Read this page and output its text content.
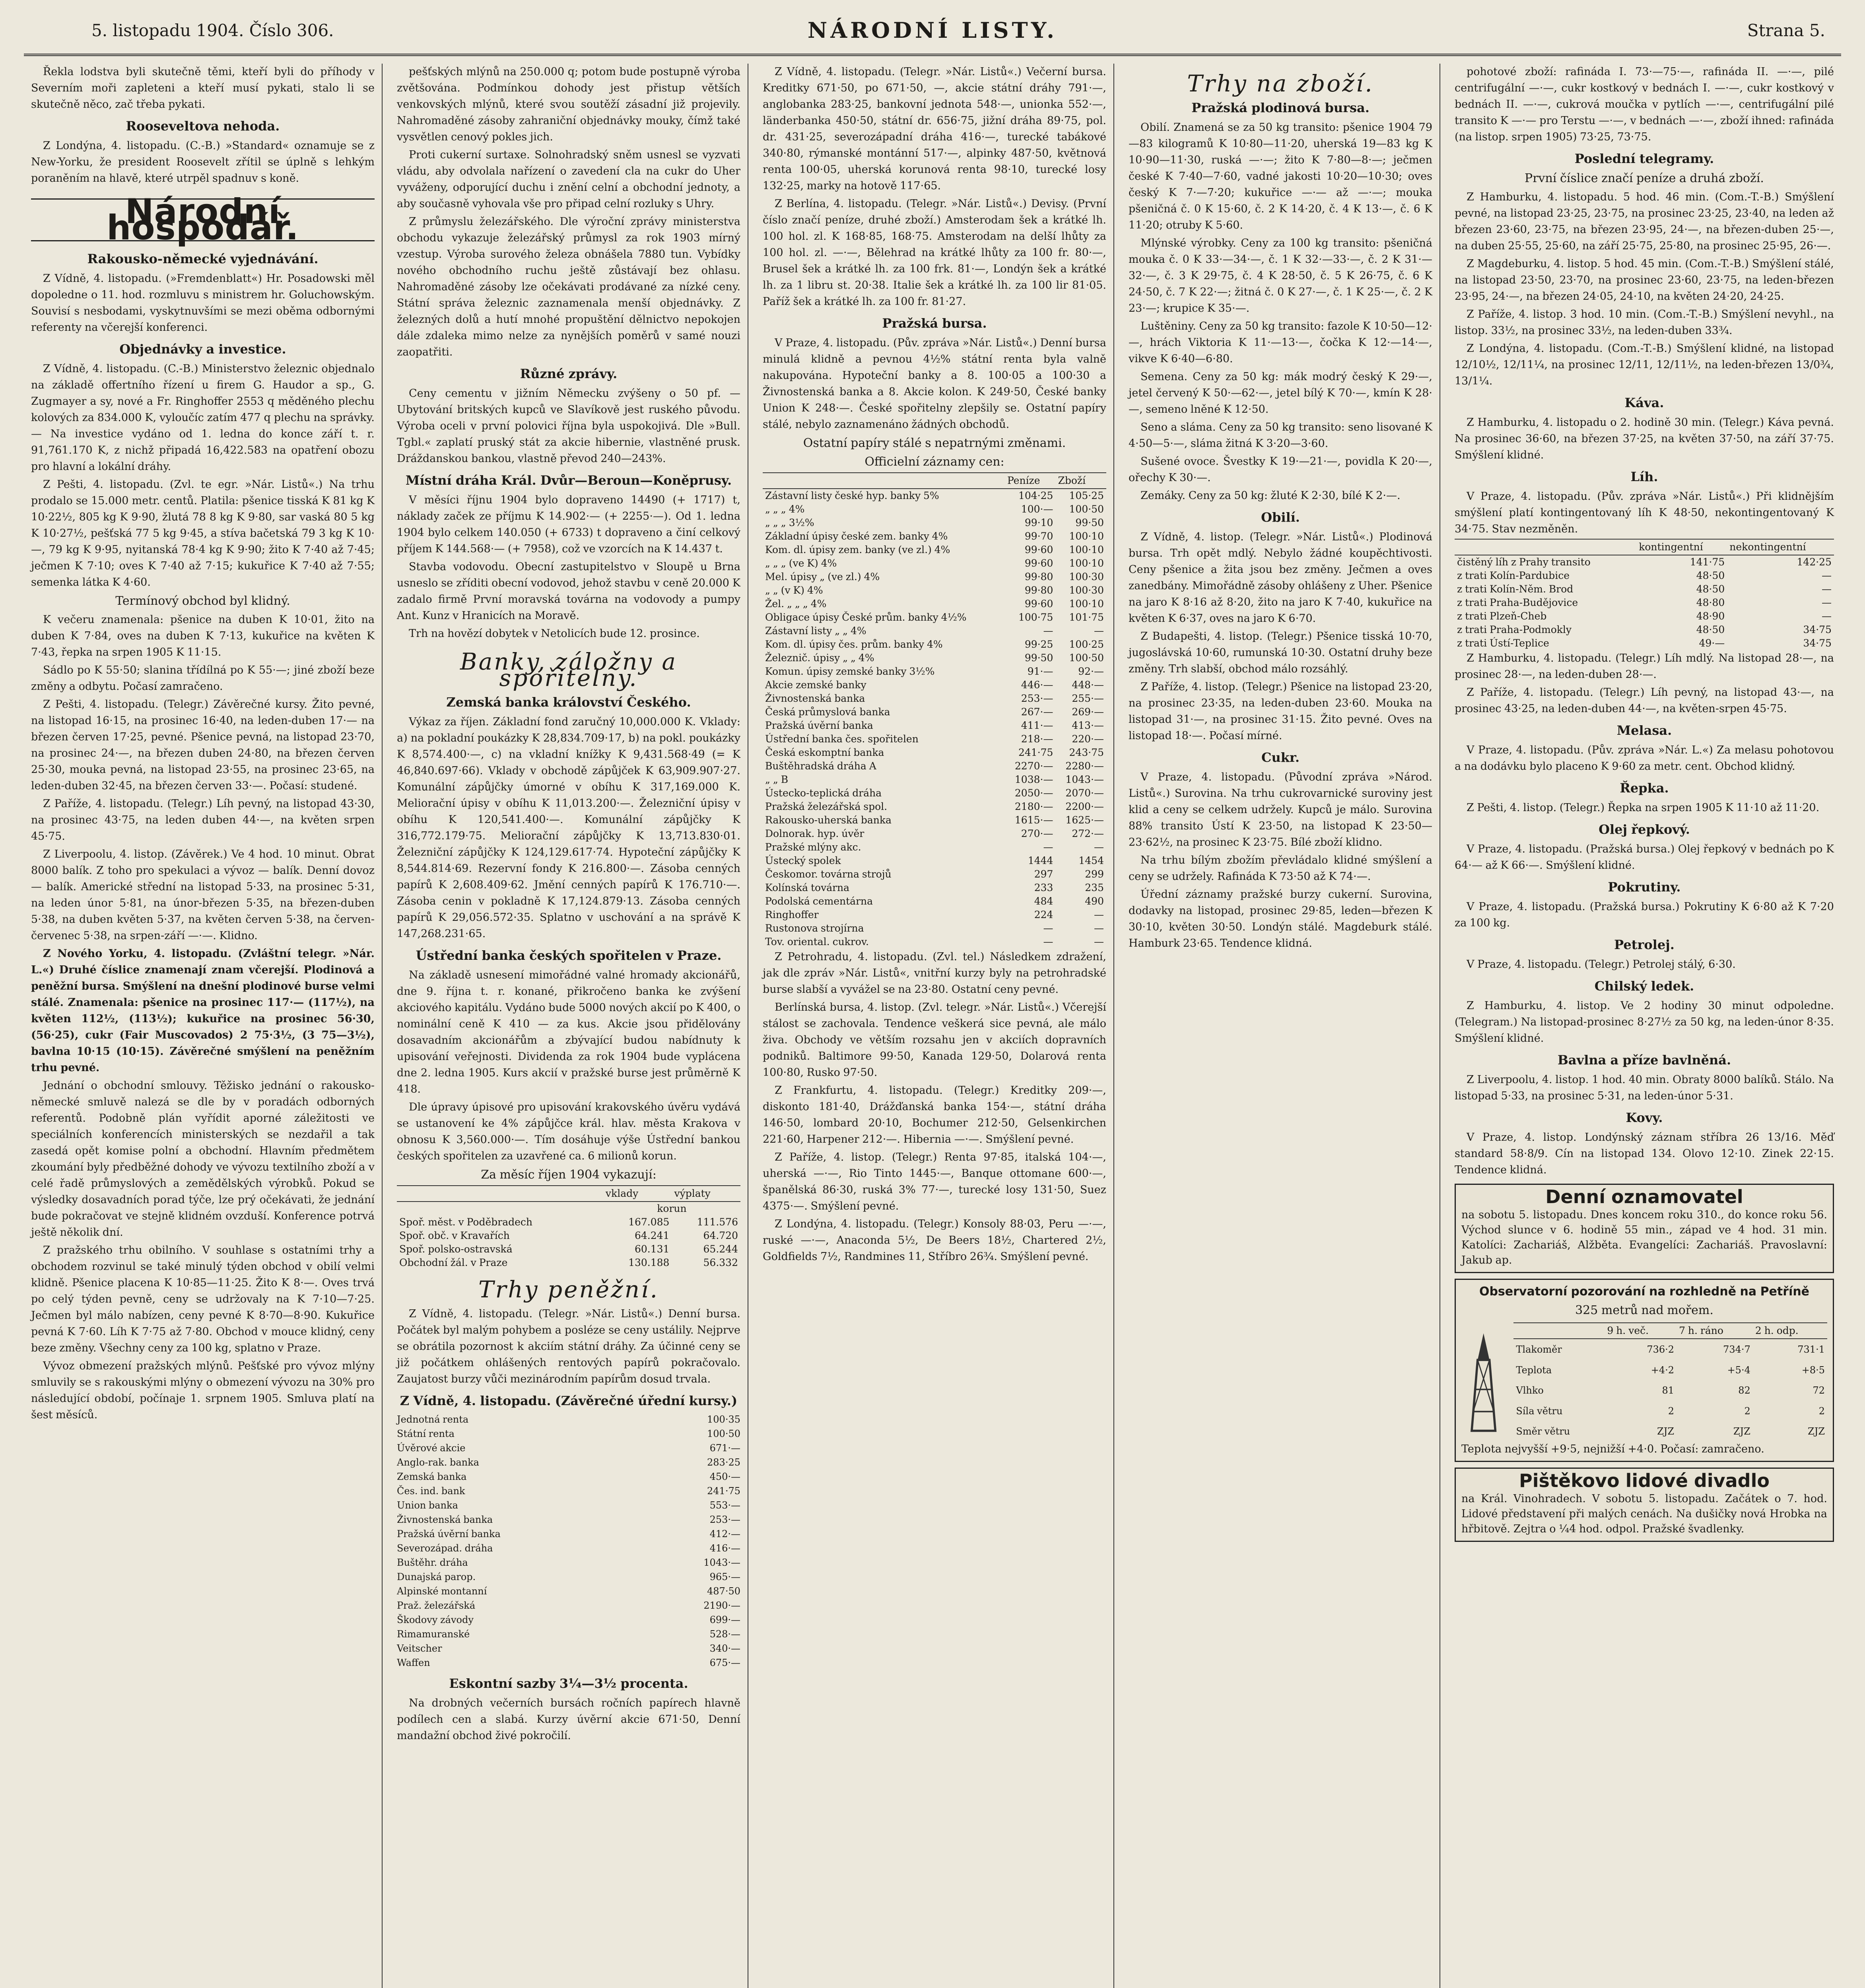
5. listopadu 1904. Číslo 306.	NÁRODNÍ LISTY.	Strana 5.

Řekla lodstva byli skutečně těmi, kteří byli do příhody v Severním moři zapleteni a kteří musí pykati, stalo li se skutečně něco, zač třeba pykati.

Rooseveltova nehoda.

Z Londýna, 4. listopadu. (C.-B.) »Standard« oznamuje se z New-Yorku, že president Roosevelt zřítil se úplně s lehkým poraněním na hlavě, které utrpěl spadnuv s koně.

Národní hospodář.
Rakousko-německé vyjednávání.

Z Vídně, 4. listopadu. (»Fremdenblatt«) Hr. Posadowski měl dopoledne o 11. hod. rozmluvu s ministrem hr. Goluchowským. Souvisí s nesbodami, vyskytnuvšími se mezi oběma odbornými referenty na včerejší konferenci.

Objednávky a investice.

Z Vídně, 4. listopadu. (C.-B.) Ministerstvo železnic objednalo na základě offertního řízení u firem G. Haudor a sp., G. Zugmayer a sy, nové a Fr. Ringhoffer 2553 q měděného plechu kolových za 834.000 K, vyloučíc zatím 477 q plechu na správky. — Na investice vydáno od 1. ledna do konce září t. r. 91,761.170 K, z nichž připadá 16,422.583 na opatření obozu pro hlavní a lokální dráhy.

Z Pešti, 4. listopadu. (Zvl. te egr. »Nár. Listů«.) Na trhu prodalo se 15.000 metr. centů. Platila: pšenice tisská K 81 kg K 10·22½, 805 kg K 9·90, žlutá 78 8 kg K 9·80, sar vaská 80 5 kg K 10·27½, pešťská 77 5 kg 9·45, a stíva bačetská 79 3 kg K 10·—, 79 kg K 9·95, nyitanská 78·4 kg K 9·90; žito K 7·40 až 7·45; ječmen K 7·10; oves K 7·40 až 7·15; kukuřice K 7·40 až 7·55; semenka látka K 4·60.

Termínový obchod byl klidný.

K večeru znamenala: pšenice na duben K 10·01, žito na duben K 7·84, oves na duben K 7·13, kukuřice na květen K 7·43, řepka na srpen 1905 K 11·15.

Sádlo po K 55·50; slanina třídílná po K 55·—; jiné zboží beze změny a odbytu. Počasí zamračeno.

Z Pešti, 4. listopadu. (Telegr.) Závěrečné kursy. Žito pevné, na listopad 16·15, na prosinec 16·40, na leden-duben 17·— na březen červen 17·25, pevné. Pšenice pevná, na listopad 23·70, na prosinec 24·—, na březen duben 24·80, na březen červen 25·30, mouka pevná, na listopad 23·55, na prosinec 23·65, na leden-duben 32·45, na březen červen 33·—. Počasí: studené.

Z Paříže, 4. listopadu. (Telegr.) Líh pevný, na listopad 43·30, na prosinec 43·75, na leden duben 44·—, na květen srpen 45·75.

Z Liverpoolu, 4. listop. (Závěrek.) Ve 4 hod. 10 minut. Obrat 8000 balík. Z toho pro spekulaci a vývoz — balík. Denní dovoz — balík. Americké střední na listopad 5·33, na prosinec 5·31, na leden únor 5·81, na únor-březen 5·35, na březen-duben 5·38, na duben květen 5·37, na květen červen 5·38, na červen-červenec 5·38, na srpen-září —·—. Klidno.

Z Nového Yorku, 4. listopadu. (Zvláštní telegr. »Nár. L.«) Druhé číslice znamenají znam včerejší. Plodinová a peněžní bursa. Smýšlení na dnešní plodinové burse velmi stálé. Znamenala: pšenice na prosinec 117·— (117½), na květen 112½, (113½); kukuřice na prosinec 56·30, (56·25), cukr (Fair Muscovados) 2 75·3½, (3 75—3½), bavlna 10·15 (10·15). Závěrečné smýšlení na peněžním trhu pevné.

Jednání o obchodní smlouvy. Těžisko jednání o rakousko-německé smluvě nalezá se dle by v poradách odborných referentů. Podobně plán vyřídit aporné záležitosti ve speciálních konferencích ministerských se nezdařil a tak zasedá opět komise polní a obchodní. Hlavním předmětem zkoumání byly předběžné dohody ve vývozu textilního zboží a v celé řadě průmyslových a zemědělských výrobků. Pokud se výsledky dosavadních porad týče, lze prý očekávati, že jednání bude pokračovat ve stejně klidném ovzduší. Konference potrvá ještě několik dní.

Z pražského trhu obilního. V souhlase s ostatními trhy a obchodem rozvinul se také minulý týden obchod v obilí velmi klidně. Pšenice placena K 10·85—11·25. Žito K 8·—. Oves trvá po celý týden pevně, ceny se udržovaly na K 7·10—7·25. Ječmen byl málo nabízen, ceny pevné K 8·70—8·90. Kukuřice pevná K 7·60. Líh K 7·75 až 7·80. Obchod v mouce klidný, ceny beze změny. Všechny ceny za 100 kg, splatno v Praze.

Vývoz obmezení pražských mlýnů. Pešťské pro vývoz mlýny smluvily se s rakouskými mlýny o obmezení vývozu na 30% pro následující období, počínaje 1. srpnem 1905. Smluva platí na šest měsíců.

pešťských mlýnů na 250.000 q; potom bude postupně výroba zvětšována. Podmínkou dohody jest přistup větších venkovských mlýnů, které svou soutěží zásadní již projevily. Nahromaděné zásoby zahraniční objednávky mouky, čímž také vysvětlen cenový pokles jich.

Proti cukerní surtaxe. Solnohradský sněm usnesl se vyzvati vládu, aby odvolala nařízení o zavedení cla na cukr do Uher vyváženy, odporující duchu i znění celní a obchodní jednoty, a aby současně vyhovala vše pro připad celní rozluky s Uhry.

Z průmyslu železářského. Dle výroční zprávy ministerstva obchodu vykazuje železářský průmysl za rok 1903 mírný vzestup. Výroba surového železa obnášela 7880 tun. Vybídky nového obchodního ruchu ještě zůstávají bez ohlasu. Nahromaděné zásoby lze očekávati prodávané za nízké ceny. Státní správa železnic zaznamenala menší objednávky. Z železných dolů a hutí mnohé propuštění dělnictvo nepokojen dále zdaleka mimo nelze za nynějších poměrů v samé nouzi zaopatřiti.

Různé zprávy.

Ceny cementu v jižním Německu zvýšeny o 50 pf. — Ubytování britských kupců ve Slavíkově jest ruského původu. Výroba oceli v první polovici října byla uspokojivá. Dle »Bull. Tgbl.« zaplatí pruský stát za akcie hibernie, vlastněné prusk. Dráždanskou bankou, vlastně převod 240—243%.

Místní dráha Král. Dvůr—Beroun—Koněprusy.

V měsíci říjnu 1904 bylo dopraveno 14490 (+ 1717) t, náklady začek ze příjmu K 14.902·— (+ 2255·—). Od 1. ledna 1904 bylo celkem 140.050 (+ 6733) t dopraveno a činí celkový příjem K 144.568·— (+ 7958), což ve vzorcích na K 14.437 t.

Stavba vodovodu. Obecní zastupitelstvo v Sloupě u Brna usneslo se zříditi obecní vodovod, jehož stavbu v ceně 20.000 K zadalo firmě První moravská továrna na vodovody a pumpy Ant. Kunz v Hranicích na Moravě.

Trh na hovězí dobytek v Netolicích bude 12. prosince.

Banky, záložny a spořitelny.
Zemská banka království Českého.

Výkaz za říjen. Základní fond zaručný 10,000.000 K. Vklady: a) na pokladní poukázky K 28,834.709·17, b) na pokl. poukázky K 8,574.400·—, c) na vkladní knížky K 9,431.568·49 (= K 46,840.697·66). Vklady v obchodě zápůjček K 63,909.907·27. Komunální zápůjčky úmorné v obíhu K 317,169.000 K. Meliorační úpisy v obíhu K 11,013.200·—. Železniční úpisy v obíhu K 120,541.400·—. Komunální zápůjčky K 316,772.179·75. Meliorační zápůjčky K 13,713.830·01. Železniční zápůjčky K 124,129.617·74. Hypoteční zápůjčky K 8,544.814·69. Rezervní fondy K 216.800·—. Zásoba cenných papírů K 2,608.409·62. Jmění cenných papírů K 176.710·—. Zásoba cenin v pokladně K 17,124.879·13. Zásoba cenných papírů K 29,056.572·35. Splatno v uschování a na správě K 147,268.231·65.

Ústřední banka českých spořitelen v Praze.

Na základě usnesení mimořádné valné hromady akcionářů, dne 9. října t. r. konané, přikročeno banka ke zvýšení akciového kapitálu. Vydáno bude 5000 nových akcií po K 400, o nominální ceně K 410 — za kus. Akcie jsou přidělovány dosavadním akcionářům a zbývající budou nabídnuty k upisování veřejnosti. Dividenda za rok 1904 bude vyplácena dne 2. ledna 1905. Kurs akcií v pražské burse jest průměrně K 418.

Dle úpravy úpisové pro upisování krakovského úvěru vydává se ustanovení ke 4% zápůjčce král. hlav. města Krakova v obnosu K 3,560.000·—. Tím dosáhuje výše Ústřední bankou českých spořitelen za uzavřené ca. 6 milionů korun.

Za měsíc říjen 1904 vykazují:
	vklady	výplaty
	korun	
Spoř. měst. v Poděbradech	167.085	111.576
Spoř. obč. v Kravařích	64.241	64.720
Spoř. polsko-ostravská	60.131	65.244
Obchodní žál. v Praze	130.188	56.332
Trhy peněžní.

Z Vídně, 4. listopadu. (Telegr. »Nár. Listů«.) Denní bursa. Počátek byl malým pohybem a posléze se ceny ustálily. Nejprve se obrátila pozornost k akciím státní dráhy. Za účinné ceny se již počátkem ohlášených rentových papírů pokračovalo. Zaujatost burzy vůči mezinárodním papírům dosud trvala.

Z Vídně, 4. listopadu. (Závěrečné úřední kursy.)
Jednotná renta	100·35
Státní renta	100·50
Úvěrové akcie	671·—
Anglo-rak. banka	283·25
Zemská banka	450·—
Čes. ind. bank	241·75
Union banka	553·—
Živnostenská banka	253·—
Pražská úvěrní banka	412·—
Severozápad. dráha	416·—
Buštěhr. dráha	1043·—
Dunajská parop.	965·—
Alpinské montanní	487·50
Praž. železářská	2190·—
Škodovy závody	699·—
Rimamuranské	528·—
Veitscher	340·—
Waffen	675·—
Eskontní sazby 3¼—3½ procenta.

Na drobných večerních bursách ročních papírech hlavně podílech cen a slabá. Kurzy úvěrní akcie 671·50, Denní mandažní obchod živé pokročilí.

Z Vídně, 4. listopadu. (Telegr. »Nár. Listů«.) Večerní bursa. Kreditky 671·50, po 671·50, —, akcie státní dráhy 791·—, anglobanka 283·25, bankovní jednota 548·—, unionka 552·—, länderbanka 450·50, státní dr. 656·75, jižní dráha 89·75, pol. dr. 431·25, severozápadní dráha 416·—, turecké tabákové 340·80, rýmanské montánní 517·—, alpinky 487·50, květnová renta 100·05, uherská korunová renta 98·10, turecké losy 132·25, marky na hotově 117·65.

Z Berlína, 4. listopadu. (Telegr. »Nár. Listů«.) Devisy. (První číslo značí peníze, druhé zboží.) Amsterodam šek a krátké lh. 100 hol. zl. K 168·85, 168·75. Amsterodam na delší lhůty za 100 hol. zl. —·—, Bělehrad na krátké lhůty za 100 fr. 80·—, Brusel šek a krátké lh. za 100 frk. 81·—, Londýn šek a krátké lh. za 1 libru st. 20·38. Italie šek a krátké lh. za 100 lir 81·05. Paříž šek a krátké lh. za 100 fr. 81·27.

Pražská bursa.

V Praze, 4. listopadu. (Pův. zpráva »Nár. Listů«.) Denní bursa minulá klidně a pevnou 4½% státní renta byla valně nakupována. Hypoteční banky a 8. 100·05 a 100·30 a Živnostenská banka a 8. Akcie kolon. K 249·50, České banky Union K 248·—. České spořitelny zlepšily se. Ostatní papíry stálé, nebylo zaznamenáno žádných obchodů.

Ostatní papíry stálé s nepatrnými změnami.
Officielní záznamy cen:
	Peníze	Zboží
Zástavní listy české hyp. banky 5%	104·25	105·25
„ „ „ 4%	100·—	100·50
„ „ „ 3½%	99·10	99·50
Základní úpisy české zem. banky 4%	99·70	100·10
Kom. dl. úpisy zem. banky (ve zl.) 4%	99·60	100·10
„ „ „ (ve K) 4%	99·60	100·10
Mel. úpisy „ (ve zl.) 4%	99·80	100·30
„ „ (v K) 4%	99·80	100·30
Žel. „ „ „ 4%	99·60	100·10
Obligace úpisy České prům. banky 4½%	100·75	101·75
Zástavní listy „ „ 4%	—	—
Kom. dl. úpisy čes. prům. banky 4%	99·25	100·25
Železnič. úpisy „ „ 4%	99·50	100·50
Komun. úpisy zemské banky 3½%	91·—	92·—
Akcie zemské banky	446·—	448·—
Živnostenská banka	253·—	255·—
Česká průmyslová banka	267·—	269·—
Pražská úvěrní banka	411·—	413·—
Ústřední banka čes. spořitelen	218·—	220·—
Česká eskomptní banka	241·75	243·75
Buštěhradská dráha A	2270·—	2280·—
„ „ B	1038·—	1043·—
Ústecko-teplická dráha	2050·—	2070·—
Pražská železářská spol.	2180·—	2200·—
Rakousko-uherská banka	1615·—	1625·—
Dolnorak. hyp. úvěr	270·—	272·—
Pražské mlýny akc.	—	—
Ústecký spolek	1444	1454
Českomor. továrna strojů	297	299
Kolínská továrna	233	235
Podolská cementárna	484	490
Ringhoffer	224	—
Rustonova strojírna	—	—
Tov. oriental. cukrov.	—	—

Z Petrohradu, 4. listopadu. (Zvl. tel.) Následkem zdražení, jak dle zpráv »Nár. Listů«, vnitřní kurzy byly na petrohradské burse slabší a vyvážel se na 23·80. Ostatní ceny pevné.

Berlínská bursa, 4. listop. (Zvl. telegr. »Nár. Listů«.) Včerejší stálost se zachovala. Tendence veškerá sice pevná, ale málo živa. Obchody ve větším rozsahu jen v akciích dopravních podniků. Baltimore 99·50, Kanada 129·50, Dolarová renta 100·80, Rusko 97·50.

Z Frankfurtu, 4. listopadu. (Telegr.) Kreditky 209·—, diskonto 181·40, Drážďanská banka 154·—, státní dráha 146·50, lombard 20·10, Bochumer 212·50, Gelsenkirchen 221·60, Harpener 212·—. Hibernia —·—. Smýšlení pevné.

Z Paříže, 4. listop. (Telegr.) Renta 97·85, italská 104·—, uherská —·—, Rio Tinto 1445·—, Banque ottomane 600·—, španělská 86·30, ruská 3% 77·—, turecké losy 131·50, Suez 4375·—. Smýšlení pevné.

Z Londýna, 4. listopadu. (Telegr.) Konsoly 88·03, Peru —·—, ruské —·—, Anaconda 5½, De Beers 18½, Chartered 2½, Goldfields 7½, Randmines 11, Stříbro 26¾. Smýšlení pevné.

Trhy na zboží.
Pražská plodinová bursa.

Obilí. Znamená se za 50 kg transito: pšenice 1904 79—83 kilogramů K 10·80—11·20, uherská 19—83 kg K 10·90—11·30, ruská —·—; žito K 7·80—8·—; ječmen české K 7·40—7·60, vadné jakosti 10·20—10·30; oves český K 7·—7·20; kukuřice —·— až —·—; mouka pšeničná č. 0 K 15·60, č. 2 K 14·20, č. 4 K 13·—, č. 6 K 11·20; otruby K 5·60.

Mlýnské výrobky. Ceny za 100 kg transito: pšeničná mouka č. 0 K 33·—34·—, č. 1 K 32·—33·—, č. 2 K 31·—32·—, č. 3 K 29·75, č. 4 K 28·50, č. 5 K 26·75, č. 6 K 24·50, č. 7 K 22·—; žitná č. 0 K 27·—, č. 1 K 25·—, č. 2 K 23·—; krupice K 35·—.

Luštěniny. Ceny za 50 kg transito: fazole K 10·50—12·—, hrách Viktoria K 11·—13·—, čočka K 12·—14·—, vikve K 6·40—6·80.

Semena. Ceny za 50 kg: mák modrý český K 29·—, jetel červený K 50·—62·—, jetel bílý K 70·—, kmín K 28·—, semeno lněné K 12·50.

Seno a sláma. Ceny za 50 kg transito: seno lisované K 4·50—5·—, sláma žitná K 3·20—3·60.

Sušené ovoce. Švestky K 19·—21·—, povidla K 20·—, ořechy K 30·—.

Zemáky. Ceny za 50 kg: žluté K 2·30, bílé K 2·—.

Obilí.

Z Vídně, 4. listop. (Telegr. »Nár. Listů«.) Plodinová bursa. Trh opět mdlý. Nebylo žádné koupěchtivosti. Ceny pšenice a žita jsou bez změny. Ječmen a oves zanedbány. Mimořádně zásoby ohlášeny z Uher. Pšenice na jaro K 8·16 až 8·20, žito na jaro K 7·40, kukuřice na květen K 6·37, oves na jaro K 6·70.

Z Budapešti, 4. listop. (Telegr.) Pšenice tisská 10·70, jugoslávská 10·60, rumunská 10·30. Ostatní druhy beze změny. Trh slabší, obchod málo rozsáhlý.

Z Paříže, 4. listop. (Telegr.) Pšenice na listopad 23·20, na prosinec 23·35, na leden-duben 23·60. Mouka na listopad 31·—, na prosinec 31·15. Žito pevné. Oves na listopad 18·—. Počasí mírné.

Cukr.

V Praze, 4. listopadu. (Původní zpráva »Národ. Listů«.) Surovina. Na trhu cukrovarnické suroviny jest klid a ceny se celkem udržely. Kupců je málo. Surovina 88% transito Ústí K 23·50, na listopad K 23·50—23·62½, na prosinec K 23·75. Bílé zboží klidno.

Na trhu bílým zbožím převládalo klidné smýšlení a ceny se udržely. Rafináda K 73·50 až K 74·—.

Úřední záznamy pražské burzy cukerní. Surovina, dodavky na listopad, prosinec 29·85, leden—březen K 30·10, květen 30·50. Londýn stálé. Magdeburk stálé. Hamburk 23·65. Tendence klidná.

pohotové zboží: rafináda I. 73·—75·—, rafináda II. —·—, pilé centrifugální —·—, cukr kostkový v bednách I. —·—, cukr kostkový v bednách II. —·—, cukrová moučka v pytlích —·—, centrifugální pilé transito K —·— pro Terstu —·—, v bednách —·—, zboží ihned: rafináda (na listop. srpen 1905) 73·25, 73·75.

Poslední telegramy.
První číslice značí peníze a druhá zboží.

Z Hamburku, 4. listopadu. 5 hod. 46 min. (Com.-T.-B.) Smýšlení pevné, na listopad 23·25, 23·75, na prosinec 23·25, 23·40, na leden až březen 23·60, 23·75, na březen 23·95, 24·—, na březen-duben 25·—, na duben 25·55, 25·60, na září 25·75, 25·80, na prosinec 25·95, 26·—.

Z Magdeburku, 4. listop. 5 hod. 45 min. (Com.-T.-B.) Smýšlení stálé, na listopad 23·50, 23·70, na prosinec 23·60, 23·75, na leden-březen 23·95, 24·—, na březen 24·05, 24·10, na květen 24·20, 24·25.

Z Paříže, 4. listop. 3 hod. 10 min. (Com.-T.-B.) Smýšlení nevyhl., na listop. 33½, na prosinec 33½, na leden-duben 33¾.

Z Londýna, 4. listopadu. (Com.-T.-B.) Smýšlení klidné, na listopad 12/10½, 12/11¼, na prosinec 12/11, 12/11½, na leden-březen 13/0¾, 13/1¼.

Káva.

Z Hamburku, 4. listopadu o 2. hodině 30 min. (Telegr.) Káva pevná. Na prosinec 36·60, na březen 37·25, na květen 37·50, na září 37·75. Smýšlení klidné.

Líh.

V Praze, 4. listopadu. (Pův. zpráva »Nár. Listů«.) Při klidnějším smýšlení platí kontingentovaný líh K 48·50, nekontingentovaný K 34·75. Stav nezměněn.

	kontingentní	nekontingentní
čistěný líh z Prahy transito	141·75	142·25
z trati Kolín-Pardubice	48·50	—
z trati Kolín-Něm. Brod	48·50	—
z trati Praha-Budějovice	48·80	—
z trati Plzeň-Cheb	48·90	—
z trati Praha-Podmokly	48·50	34·75
z trati Ústí-Teplice	49·—	34·75

Z Hamburku, 4. listopadu. (Telegr.) Líh mdlý. Na listopad 28·—, na prosinec 28·—, na leden-duben 28·—.

Z Paříže, 4. listopadu. (Telegr.) Líh pevný, na listopad 43·—, na prosinec 43·25, na leden-duben 44·—, na květen-srpen 45·75.

Melasa.

V Praze, 4. listopadu. (Pův. zpráva »Nár. L.«) Za melasu pohotovou a na dodávku bylo placeno K 9·60 za metr. cent. Obchod klidný.

Řepka.

Z Pešti, 4. listop. (Telegr.) Řepka na srpen 1905 K 11·10 až 11·20.

Olej řepkový.

V Praze, 4. listopadu. (Pražská bursa.) Olej řepkový v bednách po K 64·— až K 66·—. Smýšlení klidné.

Pokrutiny.

V Praze, 4. listopadu. (Pražská bursa.) Pokrutiny K 6·80 až K 7·20 za 100 kg.

Petrolej.

V Praze, 4. listopadu. (Telegr.) Petrolej stálý, 6·30.

Chilský ledek.

Z Hamburku, 4. listop. Ve 2 hodiny 30 minut odpoledne. (Telegram.) Na listopad-prosinec 8·27½ za 50 kg, na leden-únor 8·35. Smýšlení klidné.

Bavlna a příze bavlněná.

Z Liverpoolu, 4. listop. 1 hod. 40 min. Obraty 8000 balíků. Stálo. Na listopad 5·33, na prosinec 5·31, na leden-únor 5·31.

Kovy.

V Praze, 4. listop. Londýnský záznam stříbra 26 13/16. Měď standard 58·8/9. Cín na listopad 134. Olovo 12·10. Zinek 22·15. Tendence klidná.

Denní oznamovatel
na sobotu 5. listopadu. Dnes koncem roku 310., do konce roku 56. Východ slunce v 6. hodině 55 min., západ ve 4 hod. 31 min. Katolíci: Zachariáš, Alžběta. Evangelíci: Zachariáš. Pravoslavní: Jakub ap.
Observatorní pozorování na rozhledně na Petříně
325 metrů nad mořem.
	9 h. več.	7 h. ráno	2 h. odp.
Tlakoměr	736·2	734·7	731·1
Teplota	+4·2	+5·4	+8·5
Vlhko	81	82	72
Síla větru	2	2	2
Směr větru	ZJZ	ZJZ	ZJZ
Teplota nejvyšší +9·5, nejnižší +4·0. Počasí: zamračeno.
Pištěkovo lidové divadlo
na Král. Vinohradech. V sobotu 5. listopadu. Začátek o 7. hod. Lidové představení při malých cenách. Na dušičky nová Hrobka na hřbitově. Zejtra o ¼4 hod. odpol. Pražské švadlenky.
